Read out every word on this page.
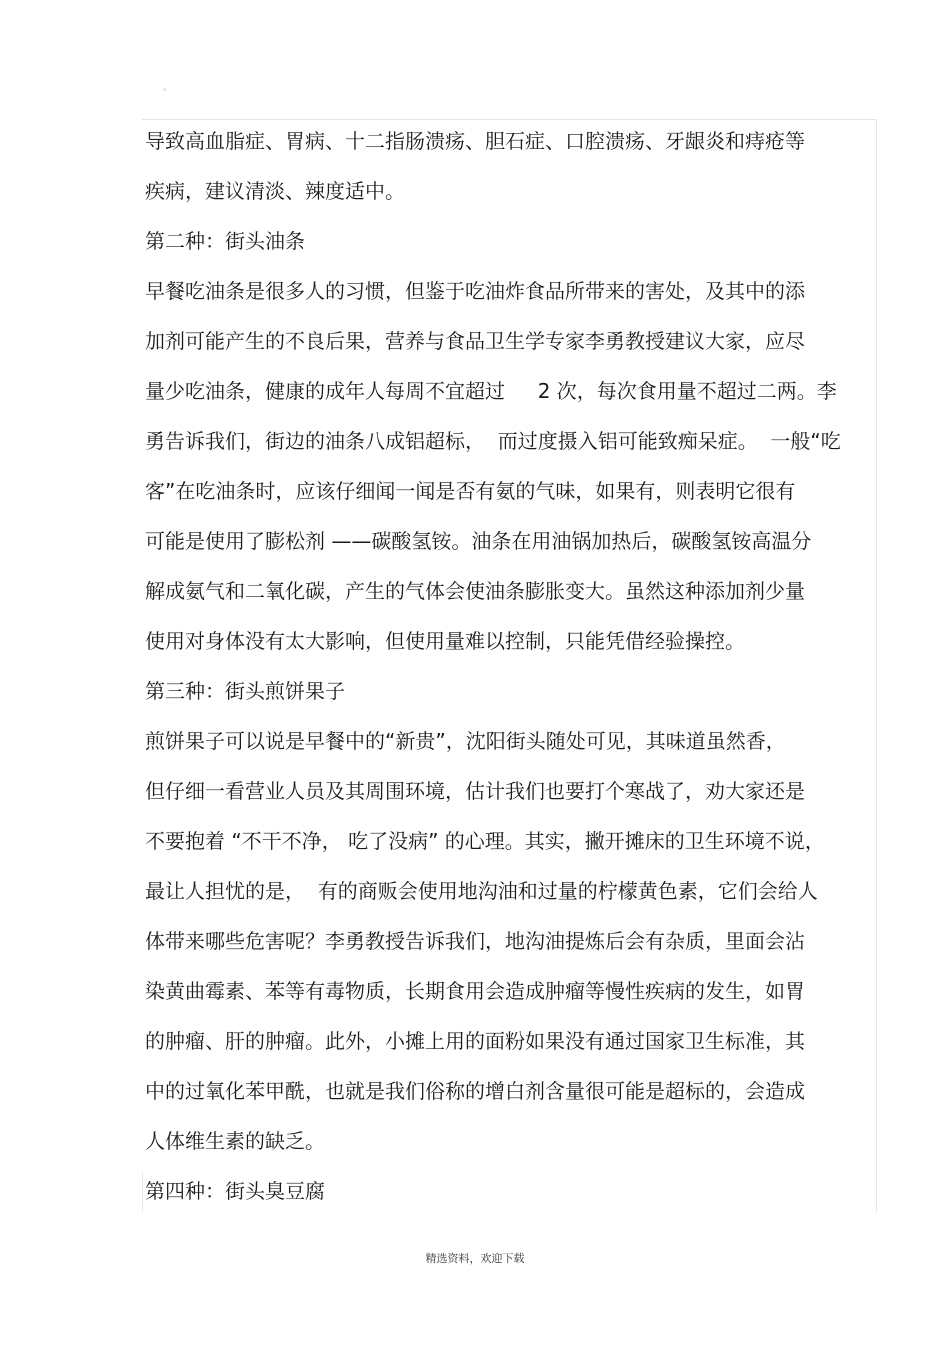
。
导致高血脂症、胃病、十二指肠溃疡、胆石症、口腔溃疡、牙龈炎和痔疮等
疾病，建议清淡、辣度适中。
第二种：街头油条
早餐吃油条是很多人的习惯，但鉴于吃油炸食品所带来的害处，及其中的添
加剂可能产生的不良后果，营养与食品卫生学专家李勇教授建议大家，应尽
量少吃油条，健康的成年人每周不宜超过　  2 次，每次食用量不超过二两。李
勇告诉我们，街边的油条八成铝超标，  而过度摄入铝可能致痴呆症。  一般“吃
客”在吃油条时，应该仔细闻一闻是否有氨的气味，如果有，则表明它很有
可能是使用了膨松剂 ——碳酸氢铵。油条在用油锅加热后，碳酸氢铵高温分
解成氨气和二氧化碳，产生的气体会使油条膨胀变大。虽然这种添加剂少量
使用对身体没有太大影响，但使用量难以控制，只能凭借经验操控。
第三种：街头煎饼果子
煎饼果子可以说是早餐中的“新贵”，沈阳街头随处可见，其味道虽然香，
但仔细一看营业人员及其周围环境，估计我们也要打个寒战了，劝大家还是
不要抱着 “不干不净， 吃了没病” 的心理。其实，撇开摊床的卫生环境不说，
最让人担忧的是，  有的商贩会使用地沟油和过量的柠檬黄色素，它们会给人
体带来哪些危害呢？李勇教授告诉我们，地沟油提炼后会有杂质，里面会沾
染黄曲霉素、苯等有毒物质，长期食用会造成肿瘤等慢性疾病的发生，如胃
的肿瘤、肝的肿瘤。此外，小摊上用的面粉如果没有通过国家卫生标准，其
中的过氧化苯甲酰，也就是我们俗称的增白剂含量很可能是超标的，会造成
人体维生素的缺乏。
第四种：街头臭豆腐
精选资料，欢迎下载
